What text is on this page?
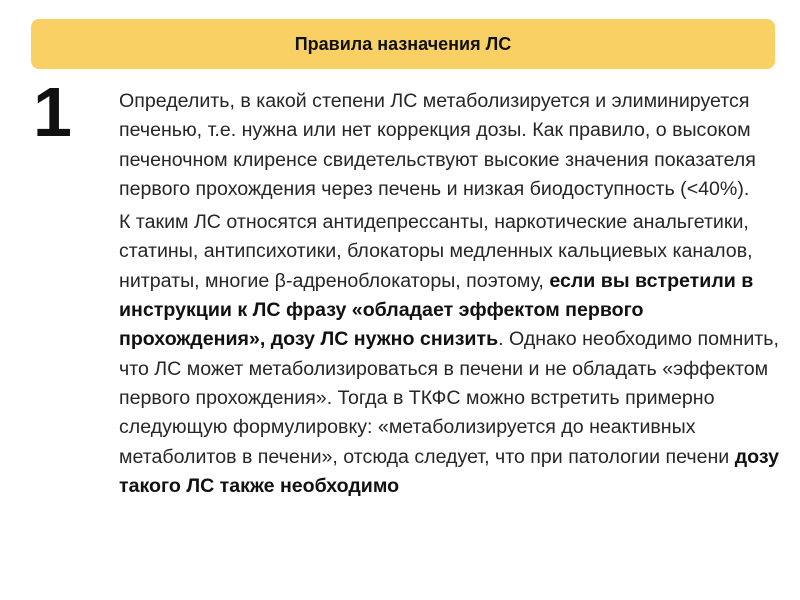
Правила назначения ЛС
1 Определить, в какой степени ЛС метаболизируется и элиминируется печенью, т.е. нужна или нет коррекция дозы. Как правило, о высоком печеночном клиренсе свидетельствуют высокие значения показателя первого прохождения через печень и низкая биодоступность (<40%).

К таким ЛС относятся антидепрессанты, наркотические анальгетики, статины, антипсихотики, блокаторы медленных кальциевых каналов, нитраты, многие β-адреноблокаторы, поэтому, если вы встретили в инструкции к ЛС фразу «обладает эффектом первого прохождения», дозу ЛС нужно снизить. Однако необходимо помнить, что ЛС может метаболизироваться в печени и не обладать «эффектом первого прохождения». Тогда в ТКФС можно встретить примерно следующую формулировку: «метаболизируется до неактивных метаболитов в печени», отсюда следует, что при патологии печени дозу такого ЛС также необходимо
